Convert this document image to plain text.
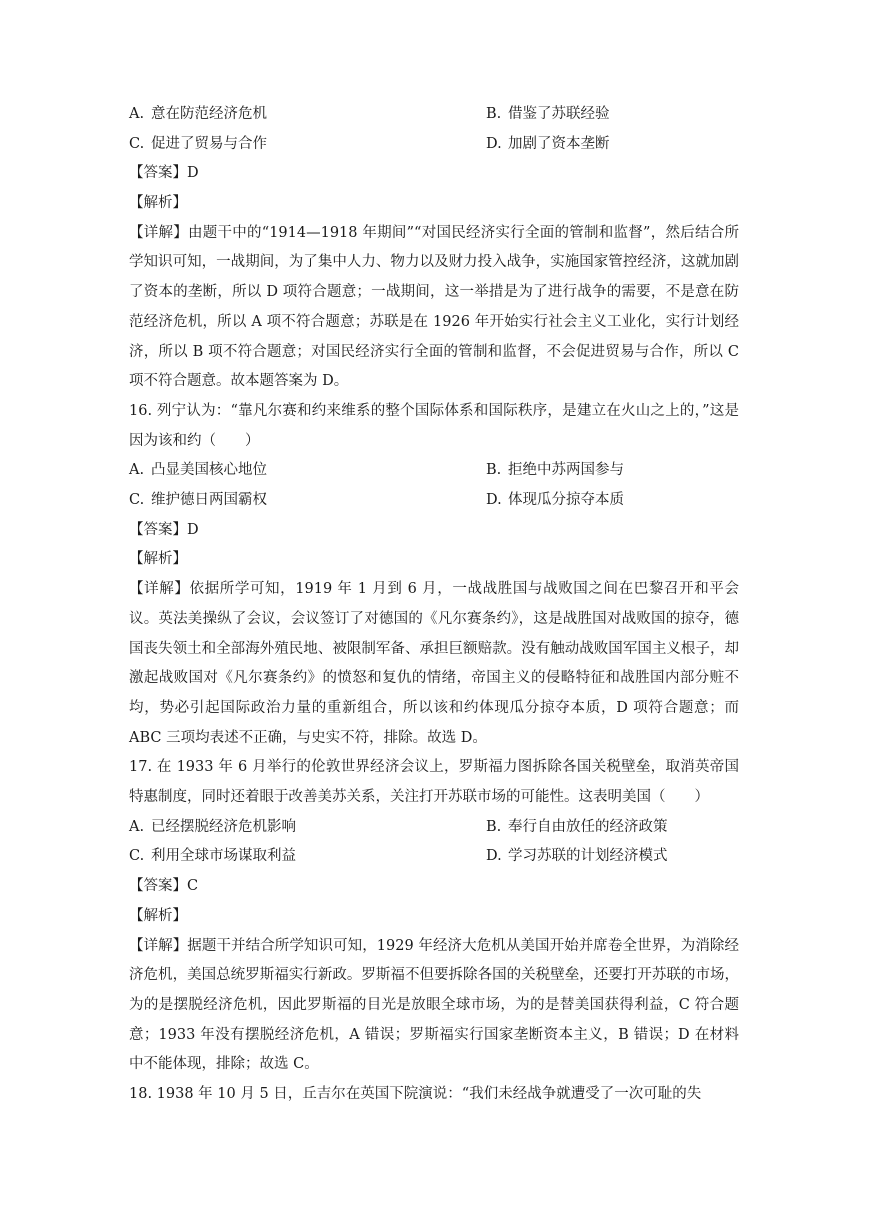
A. 意在防范经济危机	B. 借鉴了苏联经验
C. 促进了贸易与合作	D. 加剧了资本垄断
【答案】D
【解析】
【详解】由题干中的“1914—1918 年期间”“对国民经济实行全面的管制和监督”，然后结合所学知识可知，一战期间，为了集中人力、物力以及财力投入战争，实施国家管控经济，这就加剧了资本的垄断，所以 D 项符合题意；一战期间，这一举措是为了进行战争的需要，不是意在防范经济危机，所以 A 项不符合题意；苏联是在 1926 年开始实行社会主义工业化，实行计划经济，所以 B 项不符合题意；对国民经济实行全面的管制和监督，不会促进贸易与合作，所以 C 项不符合题意。故本题答案为 D。
16. 列宁认为：“靠凡尔赛和约来维系的整个国际体系和国际秩序，是建立在火山之上的，”这是因为该和约（　　）
A. 凸显美国核心地位	B. 拒绝中苏两国参与
C. 维护德日两国霸权	D. 体现瓜分掠夺本质
【答案】D
【解析】
【详解】依据所学可知，1919 年 1 月到 6 月，一战战胜国与战败国之间在巴黎召开和平会议。英法美操纵了会议，会议签订了对德国的《凡尔赛条约》，这是战胜国对战败国的掠夺，德国丧失领土和全部海外殖民地、被限制军备、承担巨额赔款。没有触动战败国军国主义根子，却激起战败国对《凡尔赛条约》的愤怒和复仇的情绪，帝国主义的侵略特征和战胜国内部分赃不均，势必引起国际政治力量的重新组合，所以该和约体现瓜分掠夺本质，D 项符合题意；而 ABC 三项均表述不正确，与史实不符，排除。故选 D。
17. 在 1933 年 6 月举行的伦敦世界经济会议上，罗斯福力图拆除各国关税壁垒，取消英帝国特惠制度，同时还着眼于改善美苏关系，关注打开苏联市场的可能性。这表明美国（　　）
A. 已经摆脱经济危机影响	B. 奉行自由放任的经济政策
C. 利用全球市场谋取利益	D. 学习苏联的计划经济模式
【答案】C
【解析】
【详解】据题干并结合所学知识可知，1929 年经济大危机从美国开始并席卷全世界，为消除经济危机，美国总统罗斯福实行新政。罗斯福不但要拆除各国的关税壁垒，还要打开苏联的市场，为的是摆脱经济危机，因此罗斯福的目光是放眼全球市场，为的是替美国获得利益，C 符合题意；1933 年没有摆脱经济危机，A 错误；罗斯福实行国家垄断资本主义，B 错误；D 在材料中不能体现，排除；故选 C。
18. 1938 年 10 月 5 日，丘吉尔在英国下院演说：“我们未经战争就遭受了一次可耻的失
